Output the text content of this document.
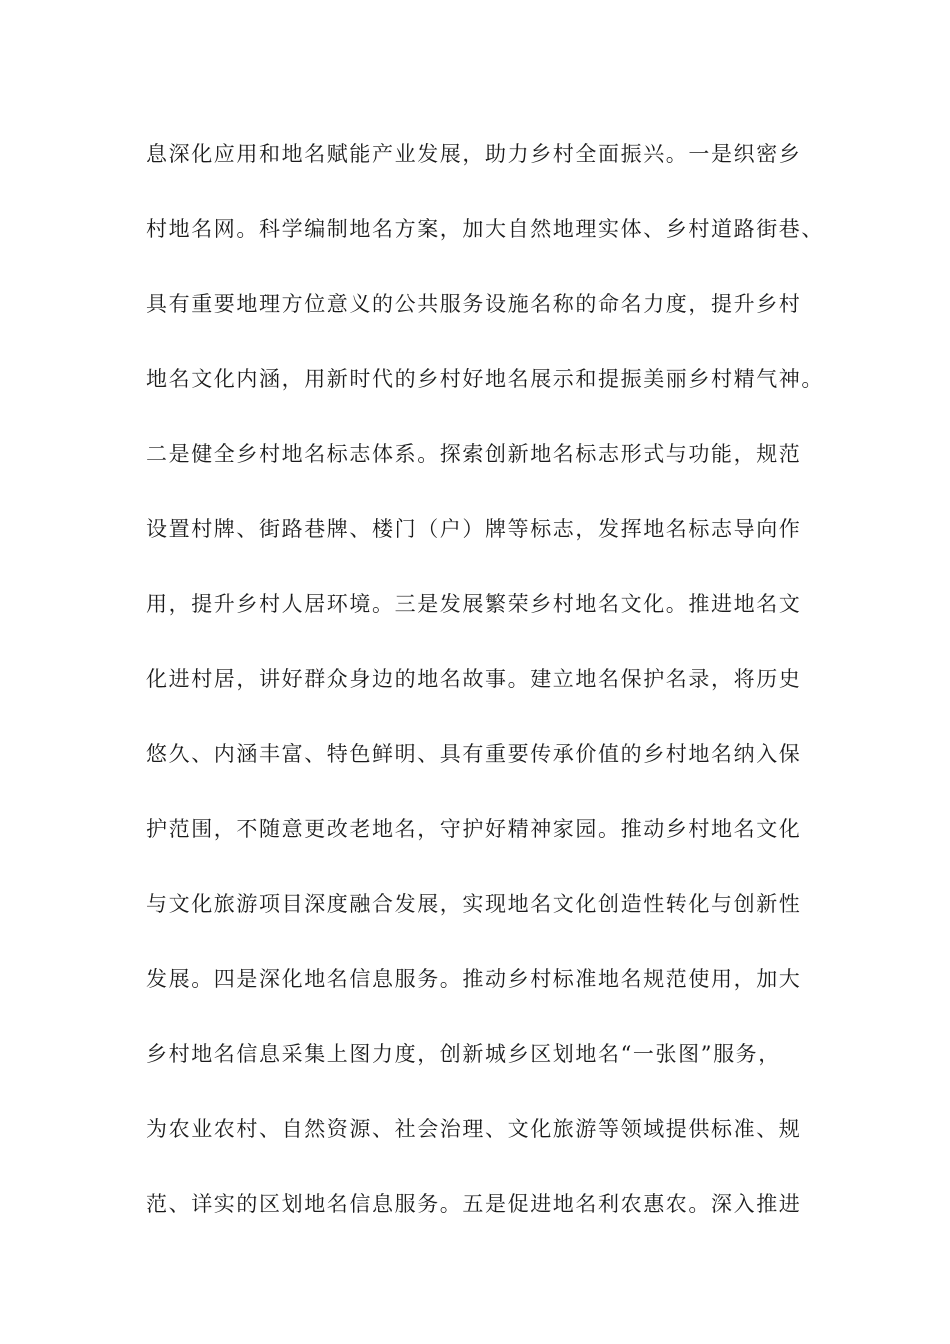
息深化应用和地名赋能产业发展，助力乡村全面振兴。一是织密乡
村地名网。科学编制地名方案，加大自然地理实体、乡村道路街巷、
具有重要地理方位意义的公共服务设施名称的命名力度，提升乡村
地名文化内涵，用新时代的乡村好地名展示和提振美丽乡村精气神。
二是健全乡村地名标志体系。探索创新地名标志形式与功能，规范
设置村牌、街路巷牌、楼门（户）牌等标志，发挥地名标志导向作
用，提升乡村人居环境。三是发展繁荣乡村地名文化。推进地名文
化进村居，讲好群众身边的地名故事。建立地名保护名录，将历史
悠久、内涵丰富、特色鲜明、具有重要传承价值的乡村地名纳入保
护范围，不随意更改老地名，守护好精神家园。推动乡村地名文化
与文化旅游项目深度融合发展，实现地名文化创造性转化与创新性
发展。四是深化地名信息服务。推动乡村标准地名规范使用，加大
乡村地名信息采集上图力度，创新城乡区划地名“一张图”服务，
为农业农村、自然资源、社会治理、文化旅游等领域提供标准、规
范、详实的区划地名信息服务。五是促进地名利农惠农。深入推进
